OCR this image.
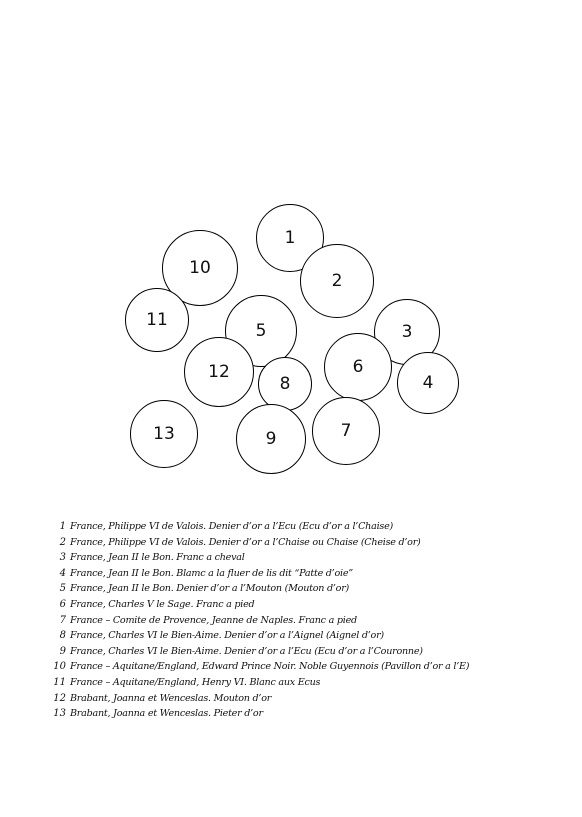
1
2
10
11
3
4
5
12	6
8
7
9
13
1 France, Philippe VI de Valois. Denier d’or a l’Ecu (Ecu d’or a l’Chaise)
2 France, Philippe VI de Valois. Denier d’or a l’Chaise ou Chaise (Cheise d’or)
3 France, Jean II le Bon. Franc a cheval
4 France, Jean II le Bon. Blamc a la fluer de lis dit “Patte d’oie”
5 France, Jean II le Bon. Denier d’or a l’Mouton (Mouton d’or)
6 France, Charles V le Sage. Franc a pied
7 France – Comite de Provence, Jeanne de Naples. Franc a pied
8 France, Charles VI le Bien-Aime. Denier d’or a l’Aignel (Aignel d’or)
9 France, Charles VI le Bien-Aime. Denier d’or a l’Ecu (Ecu d’or a l’Couronne)
10 France – Aquitane/England, Edward Prince Noir. Noble Guyennois (Pavillon d’or a l’E)
11 France – Aquitane/England, Henry VI. Blanc aux Ecus
12 Brabant, Joanna et Wenceslas. Mouton d’or
13 Brabant, Joanna et Wenceslas. Pieter d’or
